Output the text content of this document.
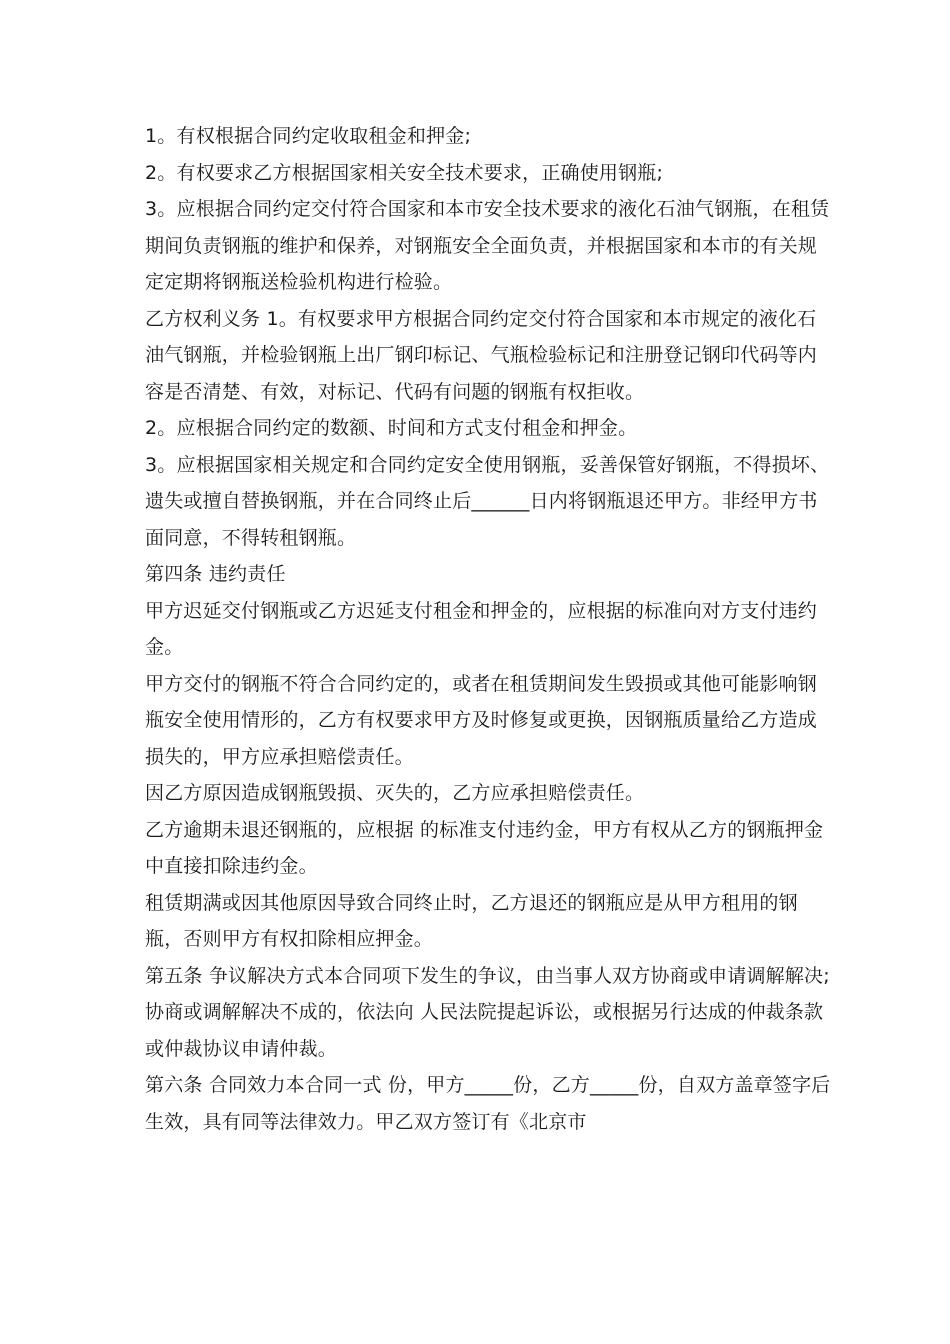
1。有权根据合同约定收取租金和押金;

2。有权要求乙方根据国家相关安全技术要求，正确使用钢瓶;

3。应根据合同约定交付符合国家和本市安全技术要求的液化石油气钢瓶，在租赁期间负责钢瓶的维护和保养，对钢瓶安全全面负责，并根据国家和本市的有关规定定期将钢瓶送检验机构进行检验。

乙方权利义务 1。有权要求甲方根据合同约定交付符合国家和本市规定的液化石油气钢瓶，并检验钢瓶上出厂钢印标记、气瓶检验标记和注册登记钢印代码等内容是否清楚、有效，对标记、代码有问题的钢瓶有权拒收。

2。应根据合同约定的数额、时间和方式支付租金和押金。

3。应根据国家相关规定和合同约定安全使用钢瓶，妥善保管好钢瓶，不得损坏、遗失或擅自替换钢瓶，并在合同终止后______日内将钢瓶退还甲方。非经甲方书面同意，不得转租钢瓶。

第四条 违约责任

甲方迟延交付钢瓶或乙方迟延支付租金和押金的，应根据的标准向对方支付违约金。

甲方交付的钢瓶不符合合同约定的，或者在租赁期间发生毁损或其他可能影响钢瓶安全使用情形的，乙方有权要求甲方及时修复或更换，因钢瓶质量给乙方造成损失的，甲方应承担赔偿责任。

因乙方原因造成钢瓶毁损、灭失的，乙方应承担赔偿责任。

乙方逾期未退还钢瓶的，应根据 的标准支付违约金，甲方有权从乙方的钢瓶押金中直接扣除违约金。

租赁期满或因其他原因导致合同终止时，乙方退还的钢瓶应是从甲方租用的钢瓶，否则甲方有权扣除相应押金。

第五条 争议解决方式本合同项下发生的争议，由当事人双方协商或申请调解解决;协商或调解解决不成的，依法向 人民法院提起诉讼，或根据另行达成的仲裁条款或仲裁协议申请仲裁。

第六条 合同效力本合同一式 份，甲方_____份，乙方_____份，自双方盖章签字后生效，具有同等法律效力。甲乙双方签订有《北京市
